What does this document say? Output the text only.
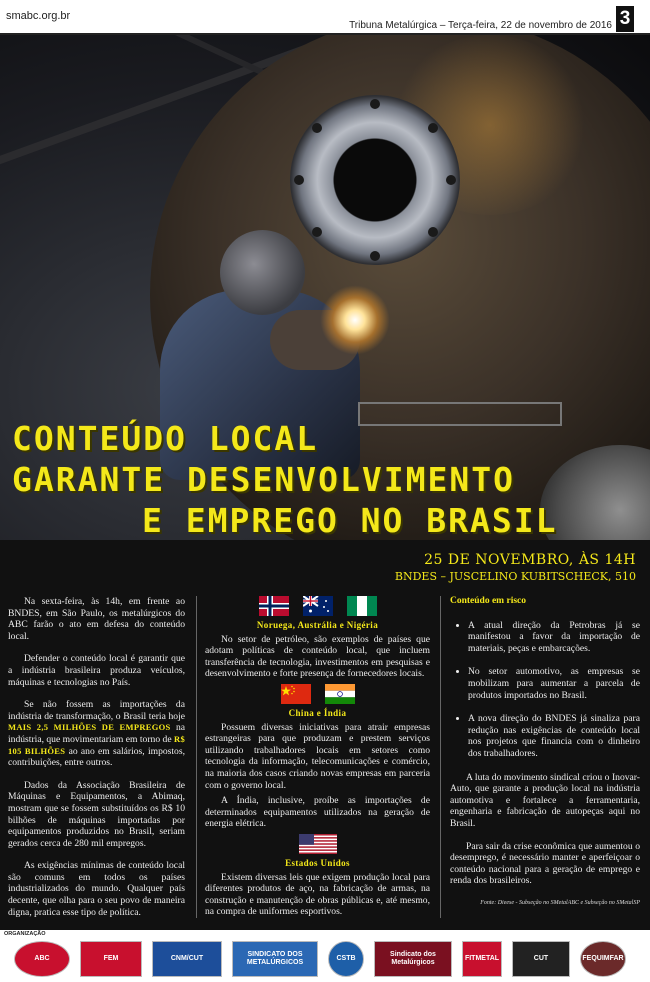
smabc.org.br
Tribuna Metalúrgica – Terça-feira, 22 de novembro de 2016 3
CONTEÚDO LOCAL
GARANTE DESENVOLVIMENTO
E EMPREGO NO BRASIL
25 DE NOVEMBRO, ÀS 14H
BNDES – JUSCELINO KUBITSCHECK, 510

Na sexta-feira, às 14h, em frente ao BNDES, em São Paulo, os metalúrgicos do ABC farão o ato em defesa do conteúdo local.

Defender o conteúdo local é garantir que a indústria brasileira produza veículos, máquinas e tecnologias no País.

Se não fossem as importações da indústria de transformação, o Brasil teria hoje MAIS 2,5 MILHÕES DE EMPREGOS na indústria, que movimentariam em torno de R$ 105 BILHÕES ao ano em salários, impostos, contribuições, entre outros.

Dados da Associação Brasileira de Máquinas e Equipamentos, a Abimaq, mostram que se fossem substituídos os R$ 10 bilhões de máquinas importadas por equipamentos produzidos no Brasil, seriam gerados cerca de 280 mil empregos.

As exigências mínimas de conteúdo local são comuns em todos os países industrializados do mundo. Qualquer país decente, que olha para o seu povo de maneira digna, pratica esse tipo de política.

Noruega, Austrália e Nigéria

No setor de petróleo, são exemplos de países que adotam políticas de conteúdo local, que incluem transferência de tecnologia, investimentos em pesquisas e desenvolvimento e forte presença de fornecedores locais.

China e Índia

Possuem diversas iniciativas para atrair empresas estrangeiras para que produzam e prestem serviços utilizando trabalhadores locais em setores como tecnologia da informação, telecomunicações e comércio, na maioria dos casos criando novas empresas em parceria com o governo local.

A Índia, inclusive, proíbe as importações de determinados equipamentos utilizados na geração de energia elétrica.

Estados Unidos

Existem diversas leis que exigem produção local para diferentes produtos de aço, na fabricação de armas, na construção e manutenção de obras públicas e, até mesmo, na compra de uniformes esportivos.

Conteúdo em risco
• A atual direção da Petrobras já se manifestou a favor da importação de materiais, peças e embarcações.
• No setor automotivo, as empresas se mobilizam para aumentar a parcela de produtos importados no Brasil.
• A nova direção do BNDES já sinaliza para redução nas exigências de conteúdo local nos projetos que financia com o dinheiro dos trabalhadores.

A luta do movimento sindical criou o Inovar-Auto, que garante a produção local na indústria automotiva e fortalece a ferramentaria, engenharia e fabricação de autopeças aqui no Brasil.

Para sair da crise econômica que aumentou o desemprego, é necessário manter e aperfeiçoar o conteúdo nacional para a geração de emprego e renda dos brasileiros.

Fonte: Dieese - Subseção no SMetalABC e Subseção no SMetalSP
ORGANIZAÇÃO
ABC	FEM	CNM/CUT
SINDICATO DOS METALÚRGICOS
CSTB
Sindicato dos Metalúrgicos
FITMETAL	CUT	FEQUIMFAR
